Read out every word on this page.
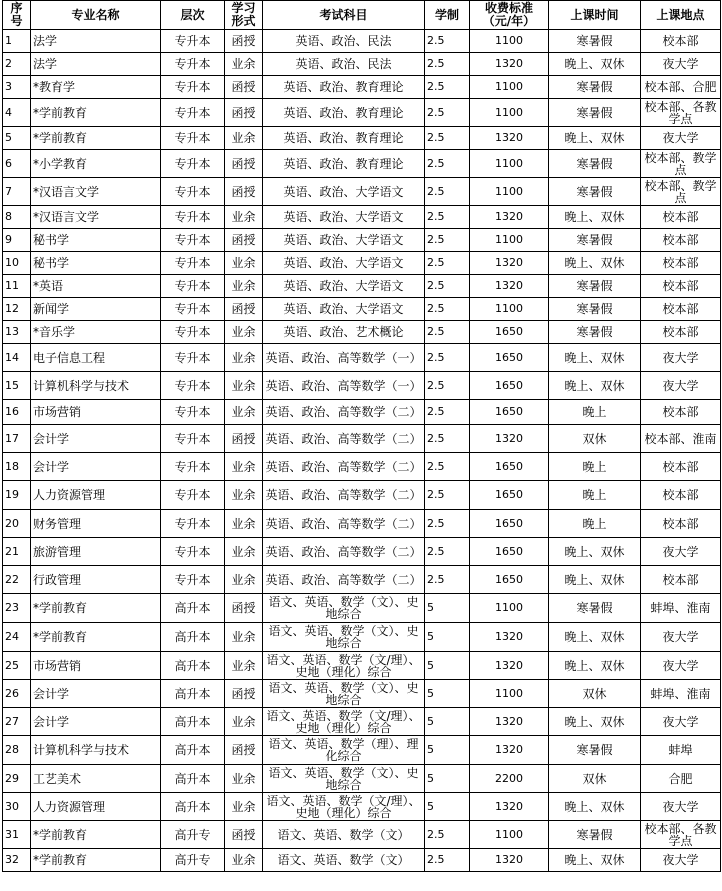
序号	专业名称	层次	学习形式	考试科目	学制	收费标准（元/年）	上课时间	上课地点
1	法学	专升本	函授	英语、政治、民法	2.5	1100	寒暑假	校本部
2	法学	专升本	业余	英语、政治、民法	2.5	1320	晚上、双休	夜大学
3	*教育学	专升本	函授	英语、政治、教育理论	2.5	1100	寒暑假	校本部、合肥
4	*学前教育	专升本	函授	英语、政治、教育理论	2.5	1100	寒暑假	校本部、各教学点
5	*学前教育	专升本	业余	英语、政治、教育理论	2.5	1320	晚上、双休	夜大学
6	*小学教育	专升本	函授	英语、政治、教育理论	2.5	1100	寒暑假	校本部、教学点
7	*汉语言文学	专升本	函授	英语、政治、大学语文	2.5	1100	寒暑假	校本部、教学点
8	*汉语言文学	专升本	业余	英语、政治、大学语文	2.5	1320	晚上、双休	校本部
9	秘书学	专升本	函授	英语、政治、大学语文	2.5	1100	寒暑假	校本部
10	秘书学	专升本	业余	英语、政治、大学语文	2.5	1320	晚上、双休	校本部
11	*英语	专升本	业余	英语、政治、大学语文	2.5	1320	寒暑假	校本部
12	新闻学	专升本	函授	英语、政治、大学语文	2.5	1100	寒暑假	校本部
13	*音乐学	专升本	业余	英语、政治、艺术概论	2.5	1650	寒暑假	校本部
14	电子信息工程	专升本	业余	英语、政治、高等数学（一）	2.5	1650	晚上、双休	夜大学
15	计算机科学与技术	专升本	业余	英语、政治、高等数学（一）	2.5	1650	晚上、双休	夜大学
16	市场营销	专升本	业余	英语、政治、高等数学（二）	2.5	1650	晚上	校本部
17	会计学	专升本	函授	英语、政治、高等数学（二）	2.5	1320	双休	校本部、淮南
18	会计学	专升本	业余	英语、政治、高等数学（二）	2.5	1650	晚上	校本部
19	人力资源管理	专升本	业余	英语、政治、高等数学（二）	2.5	1650	晚上	校本部
20	财务管理	专升本	业余	英语、政治、高等数学（二）	2.5	1650	晚上	校本部
21	旅游管理	专升本	业余	英语、政治、高等数学（二）	2.5	1650	晚上、双休	夜大学
22	行政管理	专升本	业余	英语、政治、高等数学（二）	2.5	1650	晚上、双休	校本部
23	*学前教育	高升本	函授	语文、英语、数学（文）、史地综合	5	1100	寒暑假	蚌埠、淮南
24	*学前教育	高升本	业余	语文、英语、数学（文）、史地综合	5	1320	晚上、双休	夜大学
25	市场营销	高升本	业余	语文、英语、数学（文/理）、史地（理化）综合	5	1320	晚上、双休	夜大学
26	会计学	高升本	函授	语文、英语、数学（文）、史地综合	5	1100	双休	蚌埠、淮南
27	会计学	高升本	业余	语文、英语、数学（文/理）、史地（理化）综合	5	1320	晚上、双休	夜大学
28	计算机科学与技术	高升本	函授	语文、英语、数学（理）、理化综合	5	1320	寒暑假	蚌埠
29	工艺美术	高升本	业余	语文、英语、数学（文）、史地综合	5	2200	双休	合肥
30	人力资源管理	高升本	业余	语文、英语、数学（文/理）、史地（理化）综合	5	1320	晚上、双休	夜大学
31	*学前教育	高升专	函授	语文、英语、数学（文）	2.5	1100	寒暑假	校本部、各教学点
32	*学前教育	高升专	业余	语文、英语、数学（文）	2.5	1320	晚上、双休	夜大学
